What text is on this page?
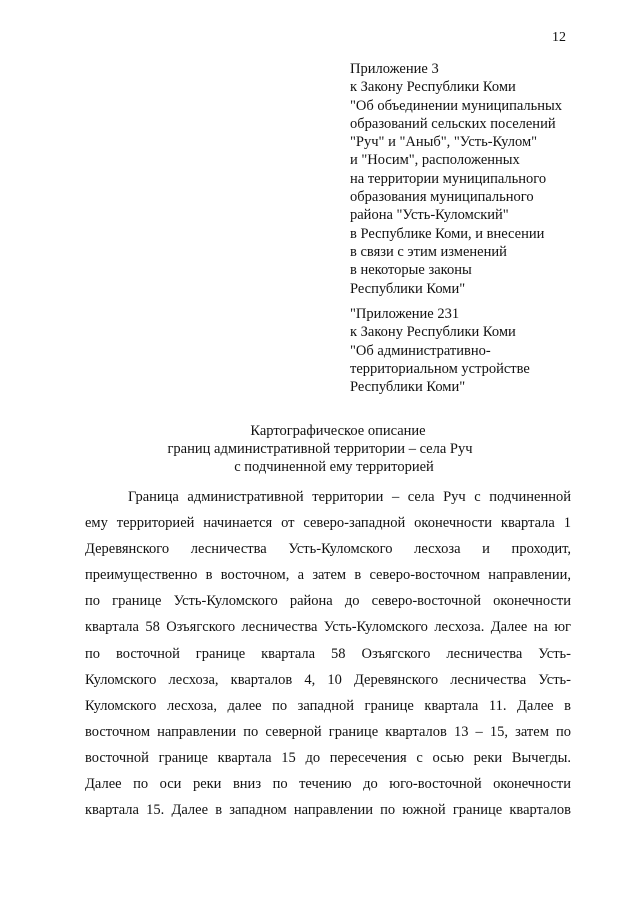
12
Приложение 3
к Закону Республики Коми
"Об объединении муниципальных
образований сельских поселений
"Руч" и "Аныб", "Усть-Кулом"
и "Носим", расположенных
на территории муниципального
образования муниципального
района "Усть-Куломский"
в Республике Коми, и внесении
в связи с этим изменений
в некоторые законы
Республики Коми"
"Приложение 231
к Закону Республики Коми
"Об административно-
территориальном устройстве
Республики Коми"
Картографическое описание
границ административной территории – села Руч
с подчиненной ему территорией
Граница административной территории – села Руч с подчиненной
ему территорией начинается от северо-западной оконечности квартала 1
Деревянского лесничества Усть-Куломского лесхоза и проходит,
преимущественно в восточном, а затем в северо-восточном направлении,
по границе Усть-Куломского района до северо-восточной оконечности
квартала 58 Озъягского лесничества Усть-Куломского лесхоза. Далее на юг
по восточной границе квартала 58 Озъягского лесничества Усть-
Куломского лесхоза, кварталов 4, 10 Деревянского лесничества Усть-
Куломского лесхоза, далее по западной границе квартала 11. Далее в
восточном направлении по северной границе кварталов 13 – 15, затем по
восточной границе квартала 15 до пересечения с осью реки Вычегды.
Далее по оси реки вниз по течению до юго-восточной оконечности
квартала 15. Далее в западном направлении по южной границе кварталов
